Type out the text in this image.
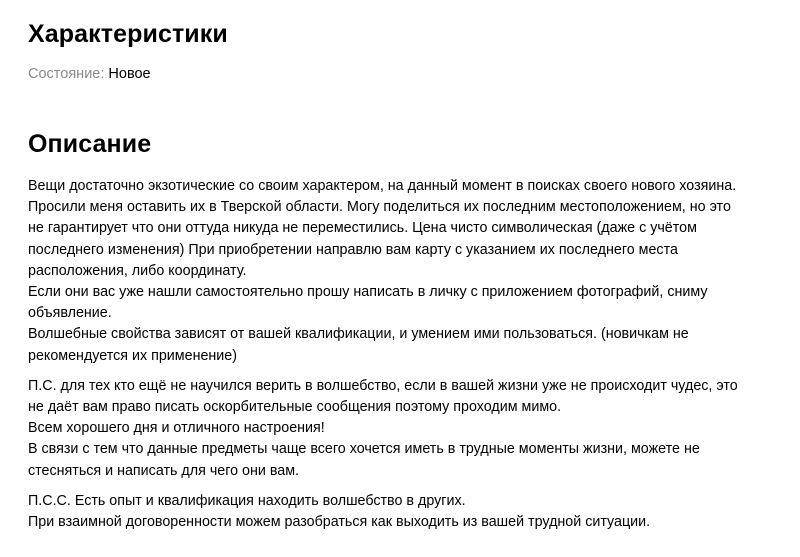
Характеристики
Состояние: Новое
Описание

Вещи достаточно экзотические со своим характером, на данный момент в поисках своего нового хозяина.
Просили меня оставить их в Тверской области. Могу поделиться их последним местоположением, но это
не гарантирует что они оттуда никуда не переместились. Цена чисто символическая (даже с учётом
последнего изменения) При приобретении направлю вам карту с указанием их последнего места
расположения, либо координату.
Если они вас уже нашли самостоятельно прошу написать в личку с приложением фотографий, сниму
объявление.
Волшебные свойства зависят от вашей квалификации, и умением ими пользоваться. (новичкам не
рекомендуется их применение)

П.С. для тех кто ещё не научился верить в волшебство, если в вашей жизни уже не происходит чудес, это
не даёт вам право писать оскорбительные сообщения поэтому проходим мимо.
Всем хорошего дня и отличного настроения!
В связи с тем что данные предметы чаще всего хочется иметь в трудные моменты жизни, можете не
стесняться и написать для чего они вам.

П.С.С. Есть опыт и квалификация находить волшебство в других.
При взаимной договоренности можем разобраться как выходить из вашей трудной ситуации.
